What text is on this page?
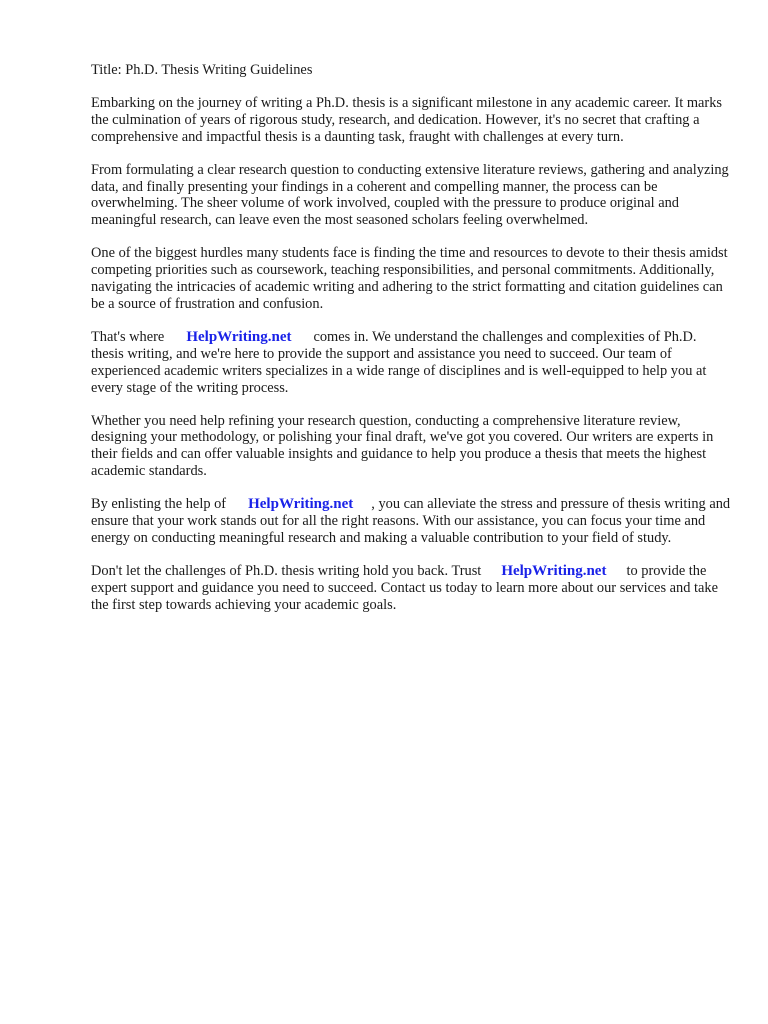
Title: Ph.D. Thesis Writing Guidelines

Embarking on the journey of writing a Ph.D. thesis is a significant milestone in any academic career. It marks the culmination of years of rigorous study, research, and dedication. However, it's no secret that crafting a comprehensive and impactful thesis is a daunting task, fraught with challenges at every turn.

From formulating a clear research question to conducting extensive literature reviews, gathering and analyzing data, and finally presenting your findings in a coherent and compelling manner, the process can be overwhelming. The sheer volume of work involved, coupled with the pressure to produce original and meaningful research, can leave even the most seasoned scholars feeling overwhelmed.

One of the biggest hurdles many students face is finding the time and resources to devote to their thesis amidst competing priorities such as coursework, teaching responsibilities, and personal commitments. Additionally, navigating the intricacies of academic writing and adhering to the strict formatting and citation guidelines can be a source of frustration and confusion.

That's where HelpWriting.net comes in. We understand the challenges and complexities of Ph.D. thesis writing, and we're here to provide the support and assistance you need to succeed. Our team of experienced academic writers specializes in a wide range of disciplines and is well-equipped to help you at every stage of the writing process.

Whether you need help refining your research question, conducting a comprehensive literature review, designing your methodology, or polishing your final draft, we've got you covered. Our writers are experts in their fields and can offer valuable insights and guidance to help you produce a thesis that meets the highest academic standards.

By enlisting the help of HelpWriting.net , you can alleviate the stress and pressure of thesis writing and ensure that your work stands out for all the right reasons. With our assistance, you can focus your time and energy on conducting meaningful research and making a valuable contribution to your field of study.

Don't let the challenges of Ph.D. thesis writing hold you back. Trust HelpWriting.net to provide the expert support and guidance you need to succeed. Contact us today to learn more about our services and take the first step towards achieving your academic goals.
